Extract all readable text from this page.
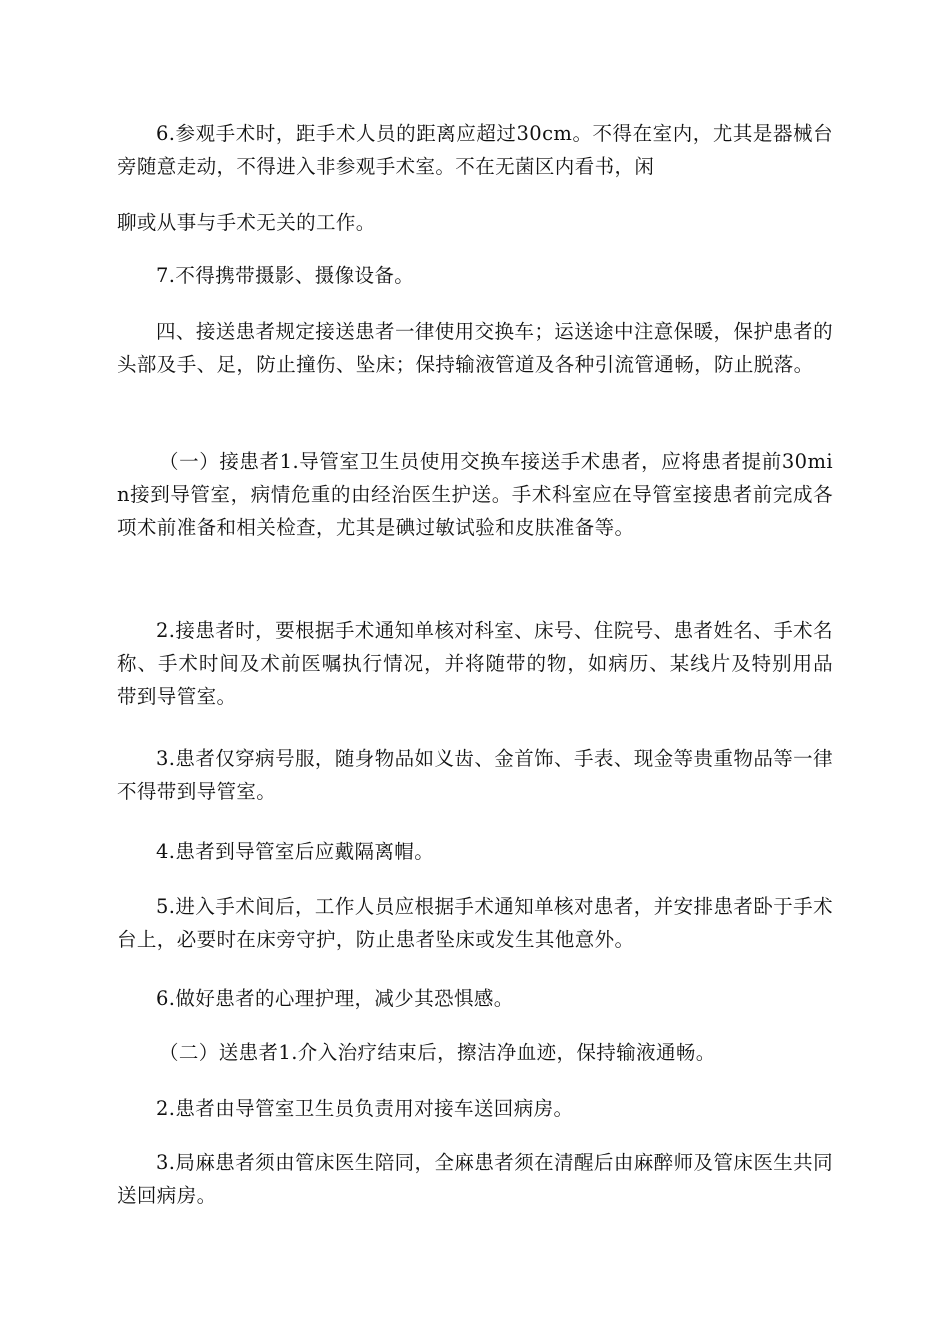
6.参观手术时，距手术人员的距离应超过30cm。不得在室内，尤其是器械台旁随意走动，不得进入非参观手术室。不在无菌区内看书，闲

聊或从事与手术无关的工作。

7.不得携带摄影、摄像设备。

四、接送患者规定接送患者一律使用交换车；运送途中注意保暖，保护患者的头部及手、足，防止撞伤、坠床；保持输液管道及各种引流管通畅，防止脱落。

（一）接患者1.导管室卫生员使用交换车接送手术患者，应将患者提前30min接到导管室，病情危重的由经治医生护送。手术科室应在导管室接患者前完成各项术前准备和相关检查，尤其是碘过敏试验和皮肤准备等。

2.接患者时，要根据手术通知单核对科室、床号、住院号、患者姓名、手术名称、手术时间及术前医嘱执行情况，并将随带的物，如病历、某线片及特别用品带到导管室。

3.患者仅穿病号服，随身物品如义齿、金首饰、手表、现金等贵重物品等一律不得带到导管室。

4.患者到导管室后应戴隔离帽。

5.进入手术间后，工作人员应根据手术通知单核对患者，并安排患者卧于手术台上，必要时在床旁守护，防止患者坠床或发生其他意外。

6.做好患者的心理护理，减少其恐惧感。

（二）送患者1.介入治疗结束后，擦洁净血迹，保持输液通畅。

2.患者由导管室卫生员负责用对接车送回病房。

3.局麻患者须由管床医生陪同，全麻患者须在清醒后由麻醉师及管床医生共同送回病房。
